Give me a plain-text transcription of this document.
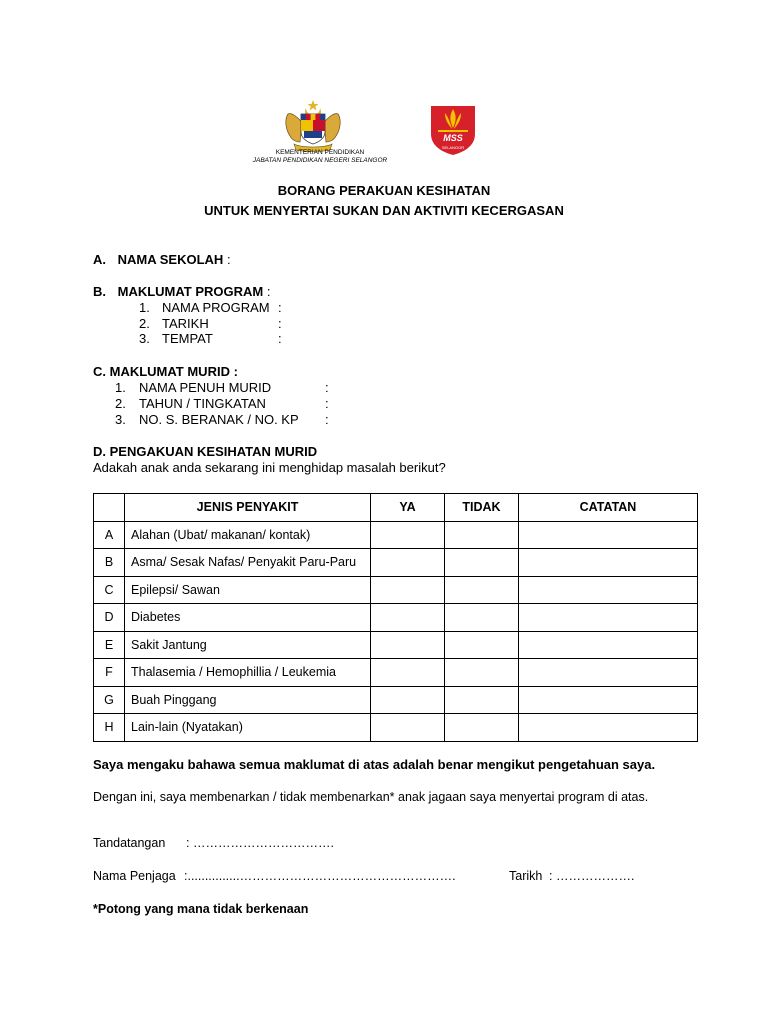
KEMENTERIAN PENDIDIKAN
JABATAN PENDIDIKAN NEGERI SELANGOR
MSS
SELANGOR
BORANG PERAKUAN KESIHATAN
UNTUK MENYERTAI SUKAN DAN AKTIVITI KECERGASAN
A. NAMA SEKOLAH :
B. MAKLUMAT PROGRAM :
1. NAMA PROGRAM :
2. TARIKH	:
3. TEMPAT	:
C. MAKLUMAT MURID :
1. NAMA PENUH MURID	:
2. TAHUN / TINGKATAN	:
3. NO. S. BERANAK / NO. KP :
D. PENGAKUAN KESIHATAN MURID
Adakah anak anda sekarang ini menghidap masalah berikut?
	JENIS PENYAKIT	YA	TIDAK	CATATAN
A	Alahan (Ubat/ makanan/ kontak)			
B	Asma/ Sesak Nafas/ Penyakit Paru-Paru			
C	Epilepsi/ Sawan			
D	Diabetes			
E	Sakit Jantung			
F	Thalasemia / Hemophillia / Leukemia			
G	Buah Pinggang			
H	Lain-lain (Nyatakan)			
Saya mengaku bahawa semua maklumat di atas adalah benar mengikut pengetahuan saya.
Dengan ini, saya membenarkan / tidak membenarkan* anak jagaan saya menyertai program di atas.
Tandatangan : …………………………….
Nama Penjaga :...............…………………………………………….	Tarikh : ……………….
*Potong yang mana tidak berkenaan
